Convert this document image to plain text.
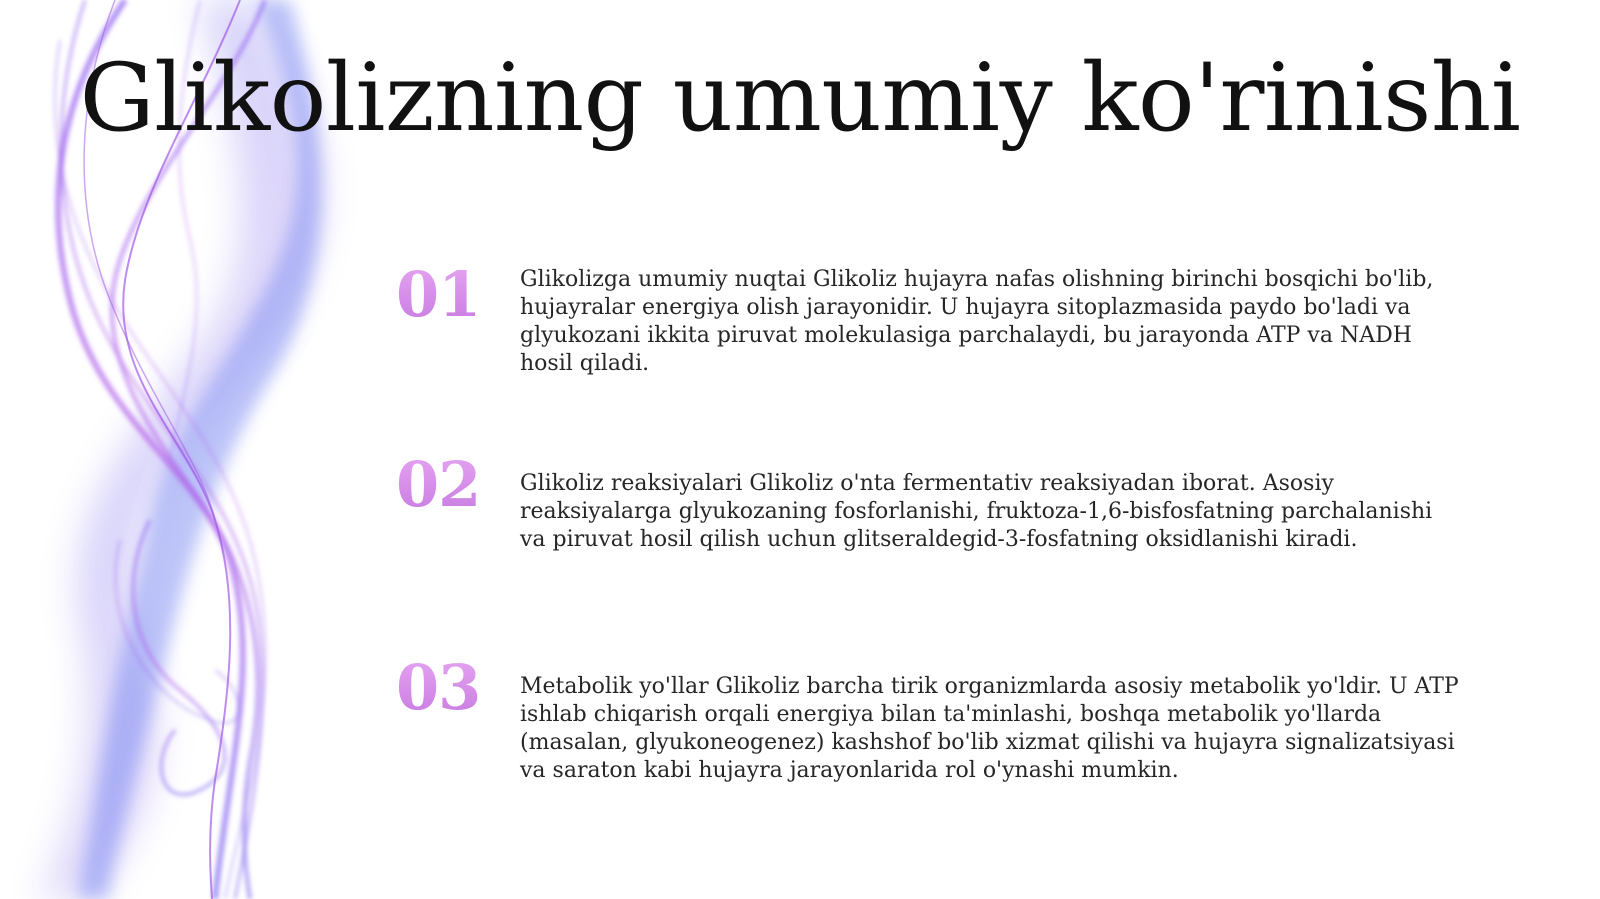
Glikolizning umumiy ko'rinishi
01 Glikolizga umumiy nuqtai Glikoliz hujayra nafas olishning birinchi bosqichi bo'lib, hujayralar energiya olish jarayonidir. U hujayra sitoplazmasida paydo bo'ladi va glyukozani ikkita piruvat molekulasiga parchalaydi, bu jarayonda ATP va NADH hosil qiladi.

02 Glikoliz reaksiyalari Glikoliz o'nta fermentativ reaksiyadan iborat. Asosiy reaksiyalarga glyukozaning fosforlanishi, fruktoza-1,6-bisfosfatning parchalanishi va piruvat hosil qilish uchun glitseraldegid-3-fosfatning oksidlanishi kiradi.

03 Metabolik yo'llar Glikoliz barcha tirik organizmlarda asosiy metabolik yo'ldir. U ATP ishlab chiqarish orqali energiya bilan ta'minlashi, boshqa metabolik yo'llarda (masalan, glyukoneogenez) kashshof bo'lib xizmat qilishi va hujayra signalizatsiyasi va saraton kabi hujayra jarayonlarida rol o'ynashi mumkin.
